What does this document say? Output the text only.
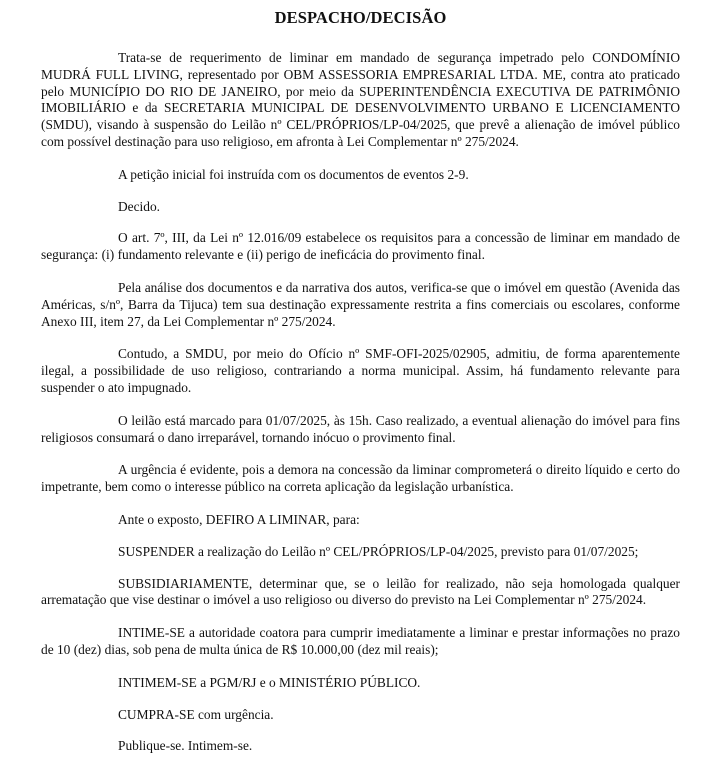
DESPACHO/DECISÃO

Trata-se de requerimento de liminar em mandado de segurança impetrado pelo CONDOMÍNIO MUDRÁ FULL LIVING, representado por OBM ASSESSORIA EMPRESARIAL LTDA. ME, contra ato praticado pelo MUNICÍPIO DO RIO DE JANEIRO, por meio da SUPERINTENDÊNCIA EXECUTIVA DE PATRIMÔNIO IMOBILIÁRIO e da SECRETARIA MUNICIPAL DE DESENVOLVIMENTO URBANO E LICENCIAMENTO (SMDU), visando à suspensão do Leilão nº CEL/PRÓPRIOS/LP-04/2025, que prevê a alienação de imóvel público com possível destinação para uso religioso, em afronta à Lei Complementar nº 275/2024.

A petição inicial foi instruída com os documentos de eventos 2-9.

Decido.

O art. 7º, III, da Lei nº 12.016/09 estabelece os requisitos para a concessão de liminar em mandado de segurança: (i) fundamento relevante e (ii) perigo de ineficácia do provimento final.

Pela análise dos documentos e da narrativa dos autos, verifica-se que o imóvel em questão (Avenida das Américas, s/nº, Barra da Tijuca) tem sua destinação expressamente restrita a fins comerciais ou escolares, conforme Anexo III, item 27, da Lei Complementar nº 275/2024.

Contudo, a SMDU, por meio do Ofício nº SMF-OFI-2025/02905, admitiu, de forma aparentemente ilegal, a possibilidade de uso religioso, contrariando a norma municipal. Assim, há fundamento relevante para suspender o ato impugnado.

O leilão está marcado para 01/07/2025, às 15h. Caso realizado, a eventual alienação do imóvel para fins religiosos consumará o dano irreparável, tornando inócuo o provimento final.

A urgência é evidente, pois a demora na concessão da liminar comprometerá o direito líquido e certo do impetrante, bem como o interesse público na correta aplicação da legislação urbanística.

Ante o exposto, DEFIRO A LIMINAR, para:

SUSPENDER a realização do Leilão nº CEL/PRÓPRIOS/LP-04/2025, previsto para 01/07/2025;

SUBSIDIARIAMENTE, determinar que, se o leilão for realizado, não seja homologada qualquer arrematação que vise destinar o imóvel a uso religioso ou diverso do previsto na Lei Complementar nº 275/2024.

INTIME-SE a autoridade coatora para cumprir imediatamente a liminar e prestar informações no prazo de 10 (dez) dias, sob pena de multa única de R$ 10.000,00 (dez mil reais);

INTIMEM-SE a PGM/RJ e o MINISTÉRIO PÚBLICO.

CUMPRA-SE com urgência.

Publique-se. Intimem-se.
